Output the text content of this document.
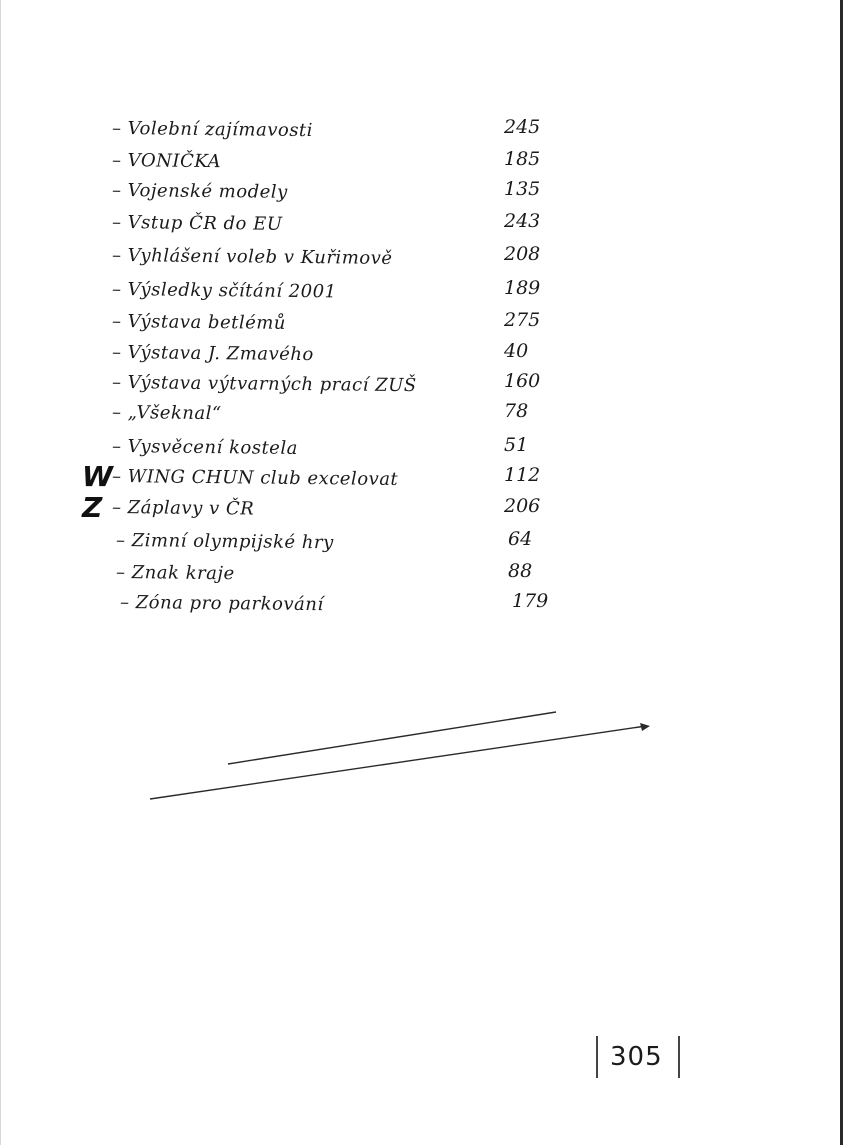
– Volební zajímavosti	245
– VONIČKA	185
– Vojenské modely	135
– Vstup ČR do EU	243
– Vyhlášení voleb v Kuřimově	208
– Výsledky sčítání 2001	189
– Výstava betlémů	275
– Výstava J. Zmavého	40
– Výstava výtvarných prací ZUŠ	160
– „Všeknal“	78
– Vysvěcení kostela	51
W
– WING CHUN club excelovat	112
Z – Záplavy v ČR	206
– Zimní olympijské hry	64
– Znak kraje	88
– Zóna pro parkování	179
305
